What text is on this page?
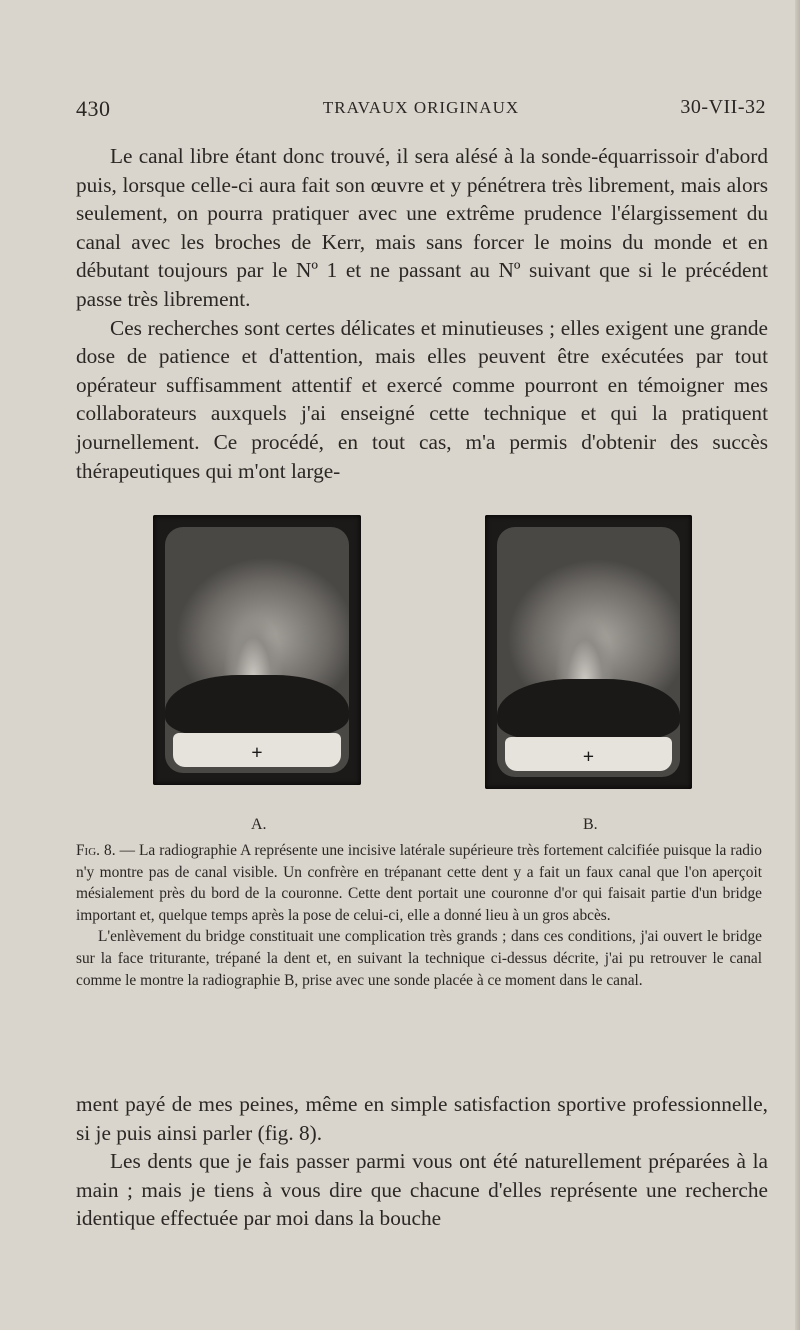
430	TRAVAUX ORIGINAUX	30-VII-32

Le canal libre étant donc trouvé, il sera alésé à la sonde-équarrissoir d'abord puis, lorsque celle-ci aura fait son œuvre et y pénétrera très librement, mais alors seulement, on pourra pratiquer avec une extrême prudence l'élargissement du canal avec les broches de Kerr, mais sans forcer le moins du monde et en débutant toujours par le Nº 1 et ne passant au Nº suivant que si le précédent passe très librement.

Ces recherches sont certes délicates et minutieuses ; elles exigent une grande dose de patience et d'attention, mais elles peuvent être exécutées par tout opérateur suffisamment attentif et exercé comme pourront en témoigner mes collaborateurs auxquels j'ai enseigné cette technique et qui la pratiquent journellement. Ce procédé, en tout cas, m'a permis d'obtenir des succès thérapeutiques qui m'ont large-

+	+
A.	B.

Fig. 8. — La radiographie A représente une incisive latérale supérieure très fortement calcifiée puisque la radio n'y montre pas de canal visible. Un confrère en trépanant cette dent y a fait un faux canal que l'on aperçoit mésialement près du bord de la couronne. Cette dent portait une couronne d'or qui faisait partie d'un bridge important et, quelque temps après la pose de celui-ci, elle a donné lieu à un gros abcès.

L'enlèvement du bridge constituait une complication très grands ; dans ces conditions, j'ai ouvert le bridge sur la face triturante, trépané la dent et, en suivant la technique ci-dessus décrite, j'ai pu retrouver le canal comme le montre la radiographie B, prise avec une sonde placée à ce moment dans le canal.

ment payé de mes peines, même en simple satisfaction sportive professionnelle, si je puis ainsi parler (fig. 8).

Les dents que je fais passer parmi vous ont été naturellement préparées à la main ; mais je tiens à vous dire que chacune d'elles représente une recherche identique effectuée par moi dans la bouche
